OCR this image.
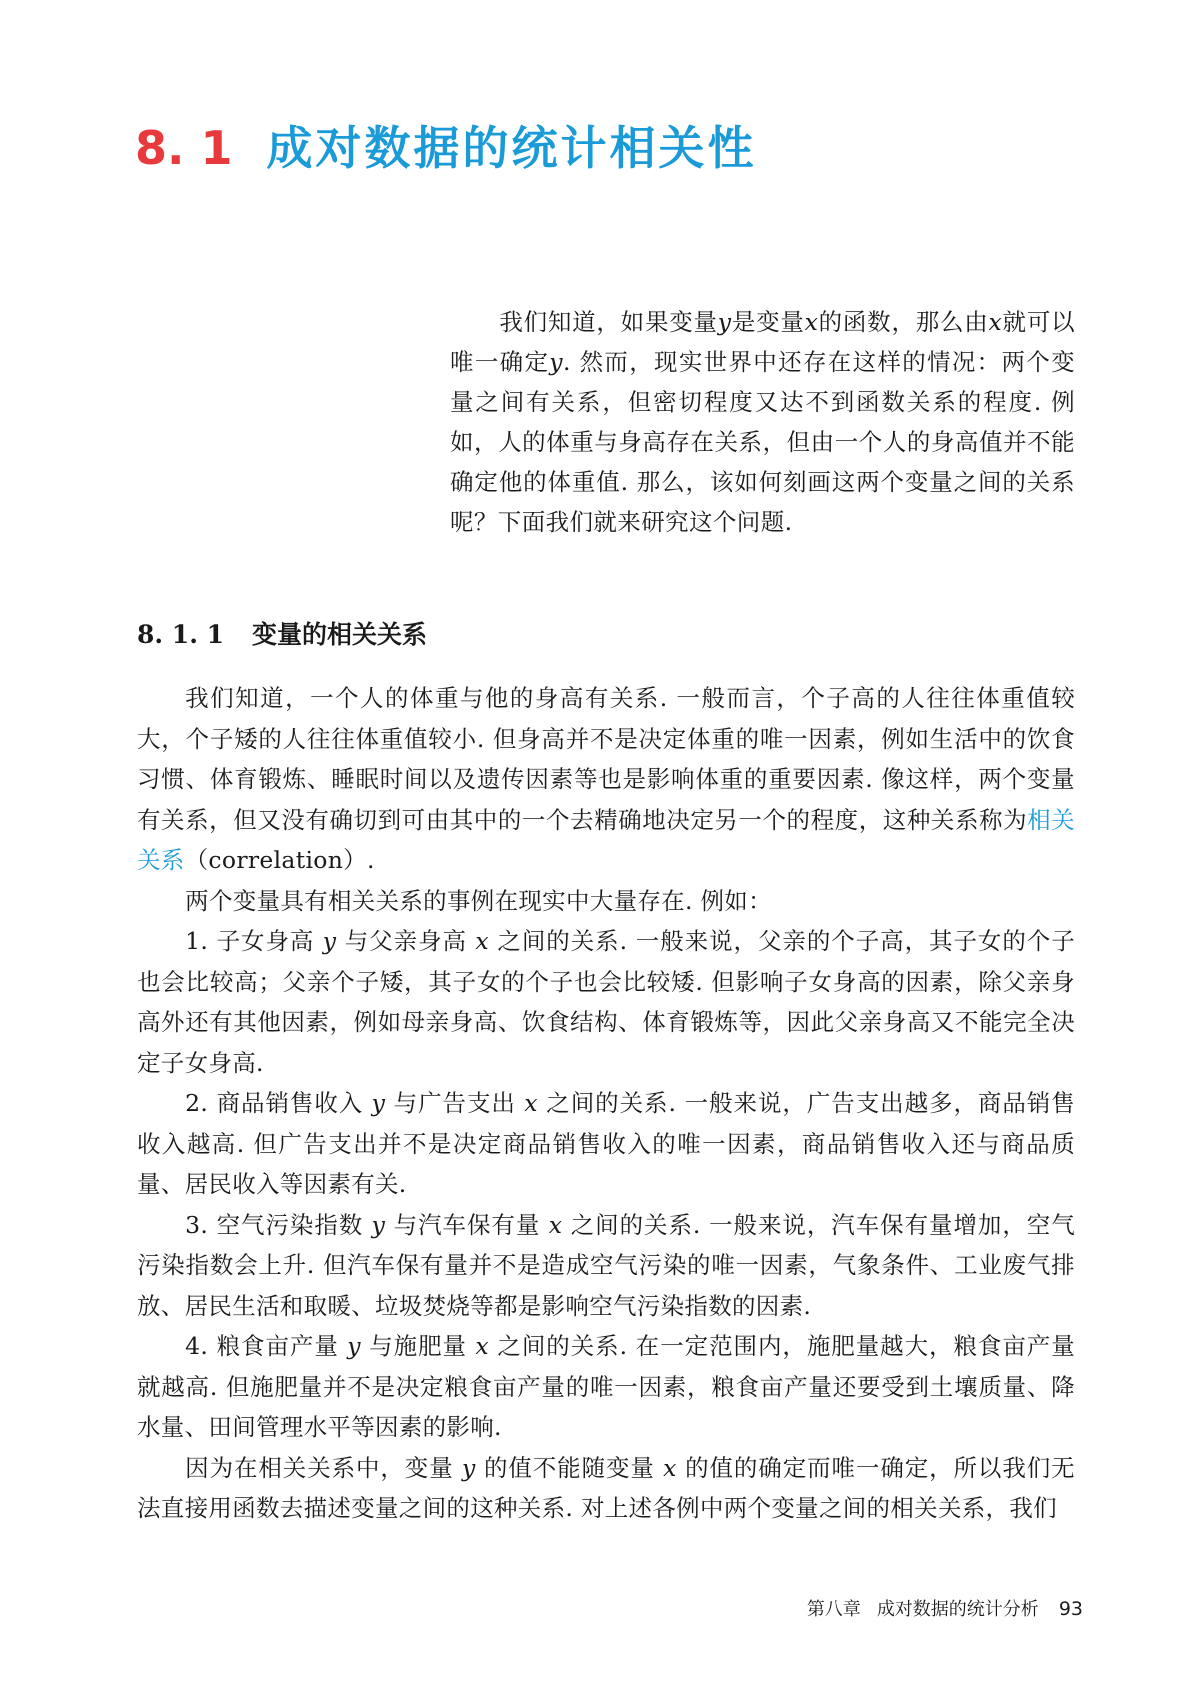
8. 1 成对数据的统计相关性

我们知道，如果变量y是变量x的函数，那么由x就可以唯一确定y. 然而，现实世界中还存在这样的情况：两个变量之间有关系，但密切程度又达不到函数关系的程度. 例如，人的体重与身高存在关系，但由一个人的身高值并不能确定他的体重值. 那么，该如何刻画这两个变量之间的关系呢？下面我们就来研究这个问题.

8. 1. 1 变量的相关关系

我们知道，一个人的体重与他的身高有关系. 一般而言，个子高的人往往体重值较大，个子矮的人往往体重值较小. 但身高并不是决定体重的唯一因素，例如生活中的饮食习惯、体育锻炼、睡眠时间以及遗传因素等也是影响体重的重要因素. 像这样，两个变量有关系，但又没有确切到可由其中的一个去精确地决定另一个的程度，这种关系称为相关关系（correlation）.

两个变量具有相关关系的事例在现实中大量存在. 例如：

1. 子女身高 y 与父亲身高 x 之间的关系. 一般来说，父亲的个子高，其子女的个子也会比较高；父亲个子矮，其子女的个子也会比较矮. 但影响子女身高的因素，除父亲身高外还有其他因素，例如母亲身高、饮食结构、体育锻炼等，因此父亲身高又不能完全决定子女身高.

2. 商品销售收入 y 与广告支出 x 之间的关系. 一般来说，广告支出越多，商品销售收入越高. 但广告支出并不是决定商品销售收入的唯一因素，商品销售收入还与商品质量、居民收入等因素有关.

3. 空气污染指数 y 与汽车保有量 x 之间的关系. 一般来说，汽车保有量增加，空气污染指数会上升. 但汽车保有量并不是造成空气污染的唯一因素，气象条件、工业废气排放、居民生活和取暖、垃圾焚烧等都是影响空气污染指数的因素.

4. 粮食亩产量 y 与施肥量 x 之间的关系. 在一定范围内，施肥量越大，粮食亩产量就越高. 但施肥量并不是决定粮食亩产量的唯一因素，粮食亩产量还要受到土壤质量、降水量、田间管理水平等因素的影响.

因为在相关关系中，变量 y 的值不能随变量 x 的值的确定而唯一确定，所以我们无法直接用函数去描述变量之间的这种关系. 对上述各例中两个变量之间的相关关系，我们

第八章 成对数据的统计分析 93
